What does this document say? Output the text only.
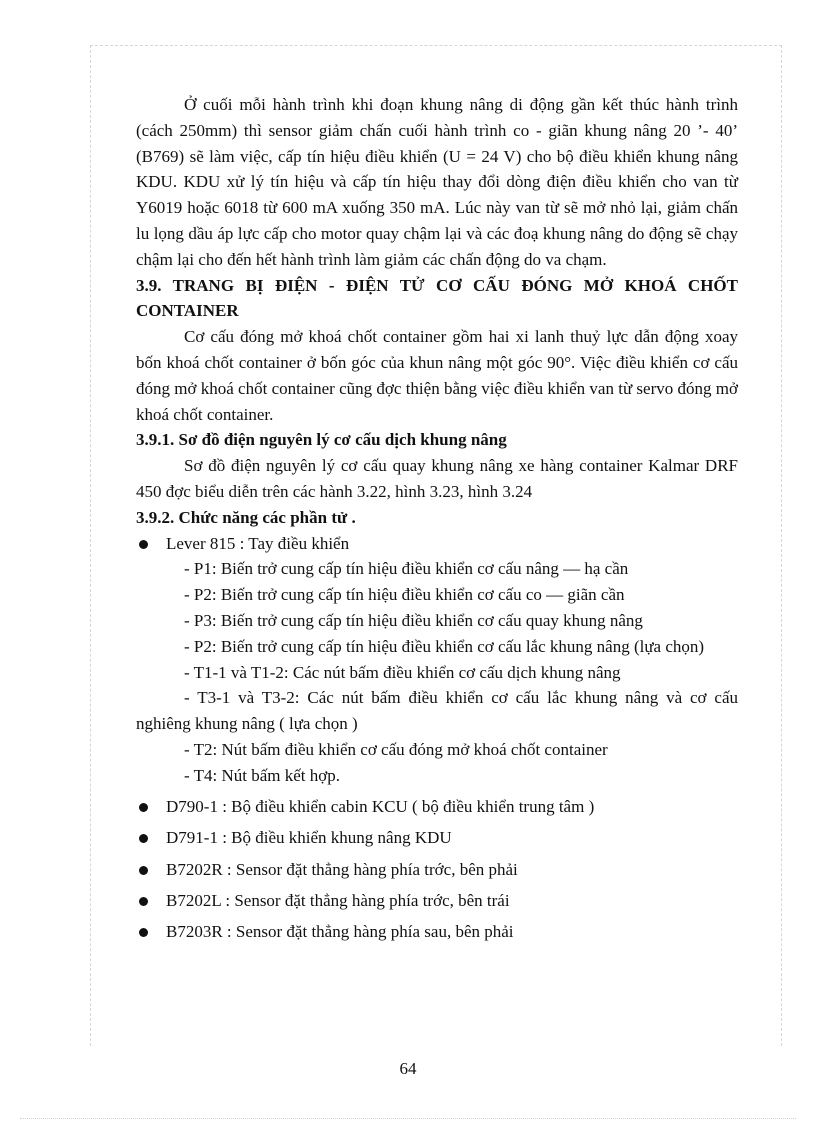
Ở cuối mỗi hành trình khi đoạn khung nâng di động gần kết thúc hành trình (cách 250mm) thì sensor giảm chấn cuối hành trình co - giãn khung nâng 20 ’- 40’ (B769) sẽ làm việc, cấp tín hiệu điều khiển (U = 24 V) cho bộ điều khiển khung nâng KDU. KDU xử lý tín hiệu và cấp tín hiệu thay đổi dòng điện điều khiển cho van từ Y6019 hoặc 6018 từ 600 mA xuống 350 mA. Lúc này van từ sẽ mở nhỏ lại, giảm chấn lu lọng dầu áp lực cấp cho motor quay chậm lại và các đoạ khung nâng do động sẽ chạy chậm lại cho đến hết hành trình làm giảm các chấn động do va chạm.

3.9. TRANG BỊ ĐIỆN - ĐIỆN TỬ CƠ CẤU ĐÓNG MỞ KHOÁ CHỐT CONTAINER

Cơ cấu đóng mở khoá chốt container gồm hai xi lanh thuỷ lực dẫn động xoay bốn khoá chốt container ở bốn góc của khun nâng một góc 90°. Việc điều khiển cơ cấu đóng mở khoá chốt container cũng đợc thiện bằng việc điều khiển van từ servo đóng mở khoá chốt container.

3.9.1. Sơ đồ điện nguyên lý cơ cấu dịch khung nâng

Sơ đồ điện nguyên lý cơ cấu quay khung nâng xe hàng container Kalmar DRF 450 đợc biểu diễn trên các hành 3.22, hình 3.23, hình 3.24

3.9.2. Chức năng các phần tử .

Lever 815 : Tay điều khiển

- P1: Biến trở cung cấp tín hiệu điều khiển cơ cấu nâng — hạ cần

- P2: Biến trở cung cấp tín hiệu điều khiển cơ cấu co — giãn cần

- P3: Biến trở cung cấp tín hiệu điều khiển cơ cấu quay khung nâng

- P2: Biến trở cung cấp tín hiệu điều khiển cơ cấu lắc khung nâng (lựa chọn)

- T1-1 và T1-2: Các nút bấm điều khiển cơ cấu dịch khung nâng

- T3-1 và T3-2: Các nút bấm điều khiển cơ cấu lắc khung nâng và cơ cấu nghiêng khung nâng ( lựa chọn )

- T2: Nút bấm điều khiển cơ cấu đóng mở khoá chốt container

- T4: Nút bấm kết hợp.

D790-1 : Bộ điều khiển cabin KCU ( bộ điều khiển trung tâm )
D791-1 : Bộ điều khiển khung nâng KDU
B7202R : Sensor đặt thẳng hàng phía trớc, bên phải
B7202L : Sensor đặt thẳng hàng phía trớc, bên trái
B7203R : Sensor đặt thẳng hàng phía sau, bên phải
64
